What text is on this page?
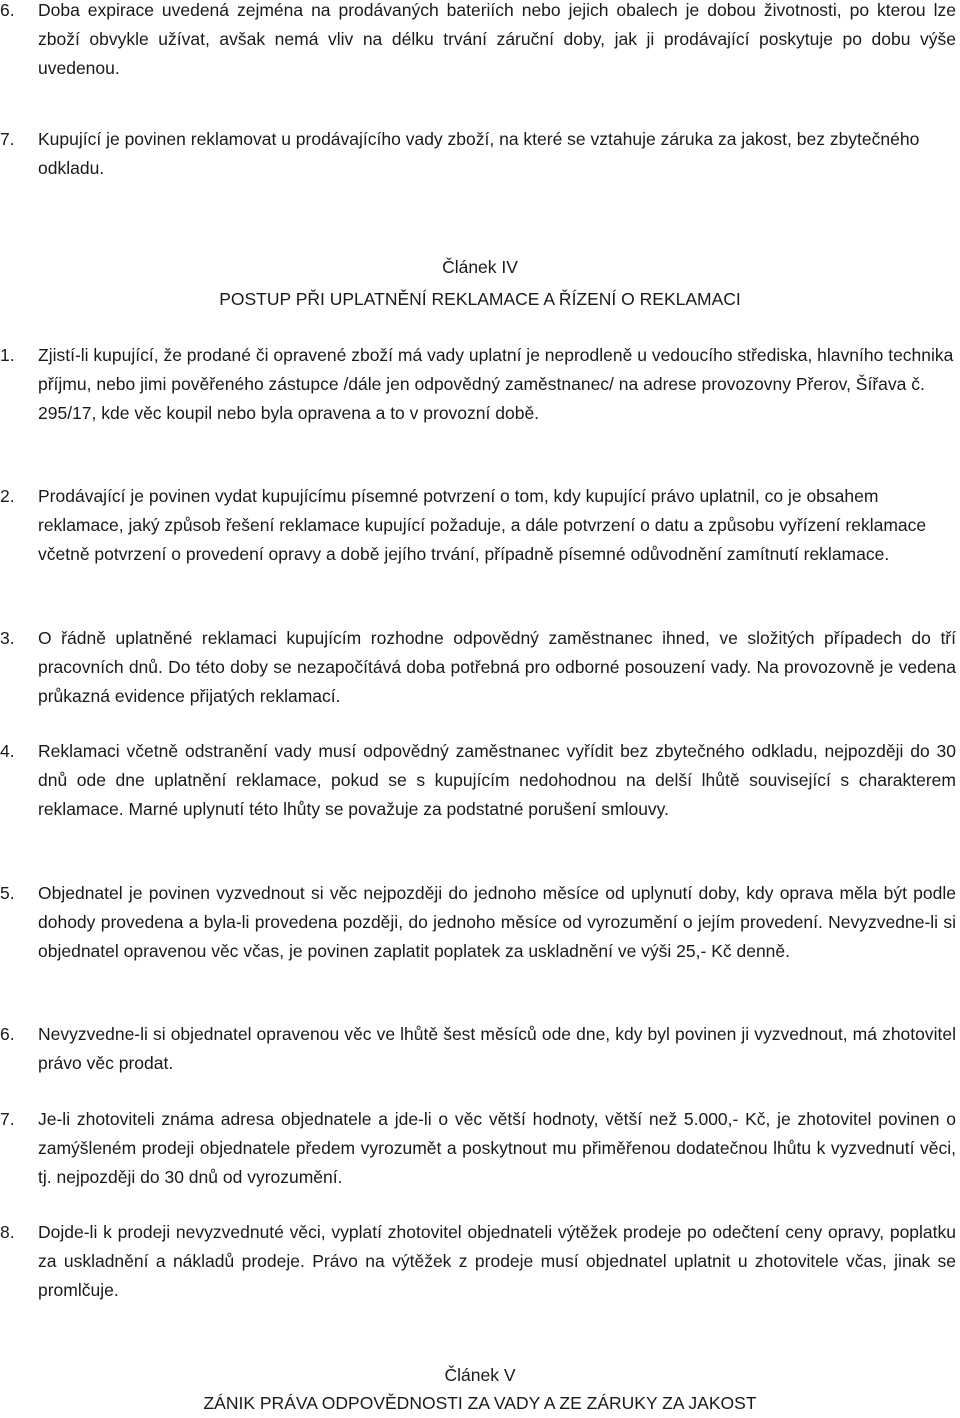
6. Doba expirace uvedená zejména na prodávaných bateriích nebo jejich obalech je dobou životnosti, po kterou lze zboží obvykle užívat, avšak nemá vliv na délku trvání záruční doby, jak ji prodávající poskytuje po dobu výše uvedenou.
7. Kupující je povinen reklamovat u prodávajícího vady zboží, na které se vztahuje záruka za jakost, bez zbytečného odkladu.
Článek IV
POSTUP PŘI UPLATNĚNÍ REKLAMACE A ŘÍZENÍ O REKLAMACI
1. Zjistí-li kupující, že prodané či opravené zboží má vady uplatní je neprodleně u vedoucího střediska, hlavního technika příjmu, nebo jimi pověřeného zástupce /dále jen odpovědný zaměstnanec/ na adrese provozovny Přerov, Šířava č. 295/17, kde věc koupil nebo byla opravena a to v provozní době.
2. Prodávající je povinen vydat kupujícímu písemné potvrzení o tom, kdy kupující právo uplatnil, co je obsahem reklamace, jaký způsob řešení reklamace kupující požaduje, a dále potvrzení o datu a způsobu vyřízení reklamace včetně potvrzení o provedení opravy a době jejího trvání, případně písemné odůvodnění zamítnutí reklamace.
3. O řádně uplatněné reklamaci kupujícím rozhodne odpovědný zaměstnanec ihned, ve složitých případech do tří pracovních dnů. Do této doby se nezapočítává doba potřebná pro odborné posouzení vady. Na provozovně je vedena průkazná evidence přijatých reklamací.
4. Reklamaci včetně odstranění vady musí odpovědný zaměstnanec vyřídit bez zbytečného odkladu, nejpozději do 30 dnů ode dne uplatnění reklamace, pokud se s kupujícím nedohodnou na delší lhůtě související s charakterem reklamace. Marné uplynutí této lhůty se považuje za podstatné porušení smlouvy.
5. Objednatel je povinen vyzvednout si věc nejpozději do jednoho měsíce od uplynutí doby, kdy oprava měla být podle dohody provedena a byla-li provedena později, do jednoho měsíce od vyrozumění o jejím provedení. Nevyzvedne-li si objednatel opravenou věc včas, je povinen zaplatit poplatek za uskladnění ve výši 25,- Kč denně.
6. Nevyzvedne-li si objednatel opravenou věc ve lhůtě šest měsíců ode dne, kdy byl povinen ji vyzvednout, má zhotovitel právo věc prodat.
7. Je-li zhotoviteli známa adresa objednatele a jde-li o věc větší hodnoty, větší než 5.000,- Kč, je zhotovitel povinen o zamýšleném prodeji objednatele předem vyrozumět a poskytnout mu přiměřenou dodatečnou lhůtu k vyzvednutí věci, tj. nejpozději do 30 dnů od vyrozumění.
8. Dojde-li k prodeji nevyzvednuté věci, vyplatí zhotovitel objednateli výtěžek prodeje po odečtení ceny opravy, poplatku za uskladnění a nákladů prodeje. Právo na výtěžek z prodeje musí objednatel uplatnit u zhotovitele včas, jinak se promlčuje.
Článek V
ZÁNIK PRÁVA ODPOVĚDNOSTI ZA VADY A ZE ZÁRUKY ZA JAKOST
